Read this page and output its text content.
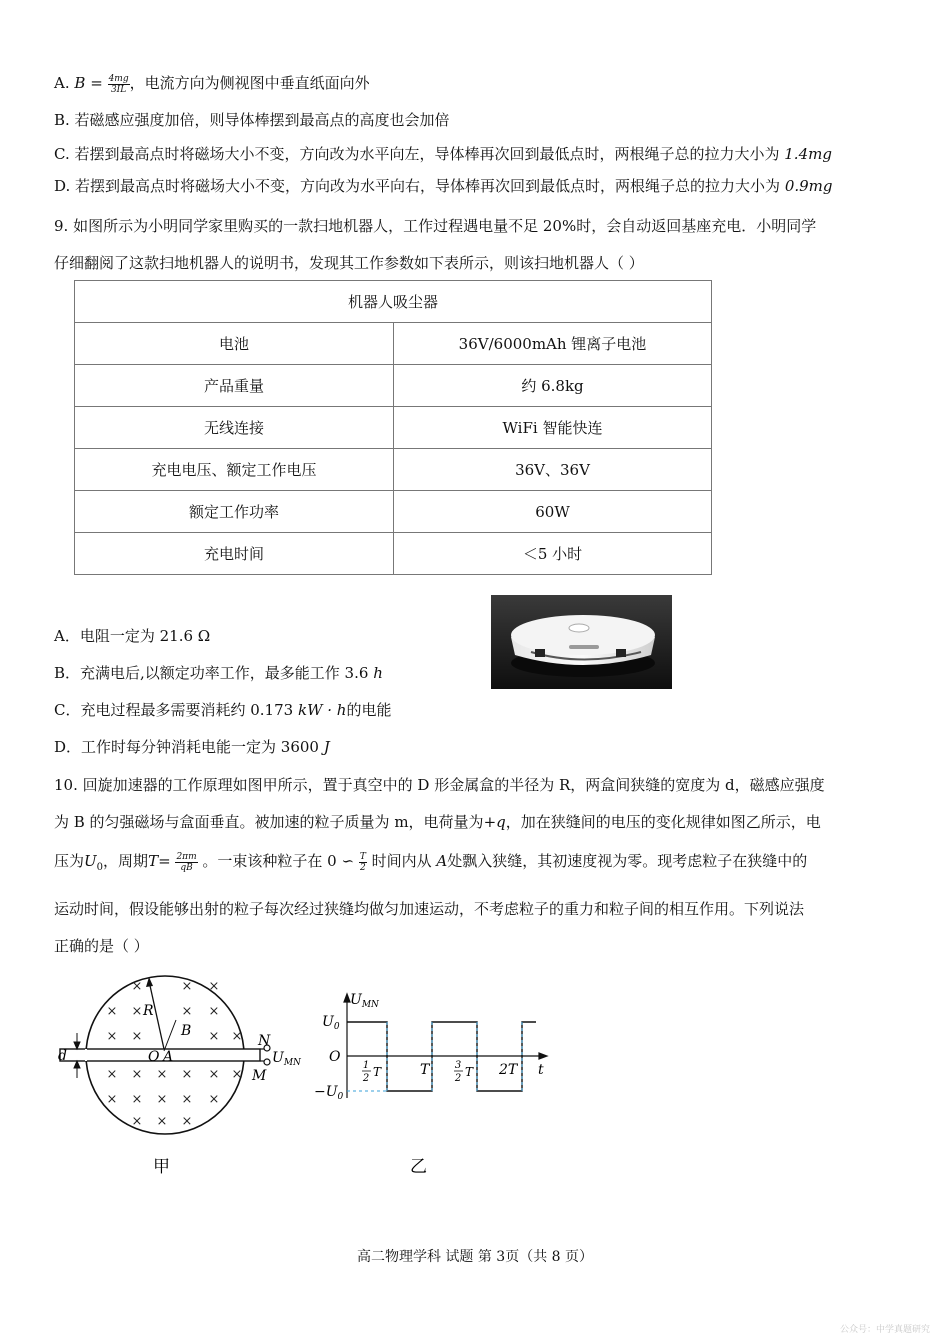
A. $B = \frac{4mg}{3IL}$ ，电流方向为侧视图中垂直纸面向外
B. 若磁感应强度加倍，则导体棒摆到最高点的高度也会加倍
C. 若摆到最高点时将磁场大小不变，方向改为水平向左，导体棒再次回到最低点时，两根绳子总的拉力大小为 1.4mg
D. 若摆到最高点时将磁场大小不变，方向改为水平向右，导体棒再次回到最低点时，两根绳子总的拉力大小为 0.9mg
9. 如图所示为小明同学家里购买的一款扫地机器人，工作过程遇电量不足 20%时，会自动返回基座充电．小明同学
仔细翻阅了这款扫地机器人的说明书，发现其工作参数如下表所示，则该扫地机器人（ ）
机器人吸尘器	
电池	36V/6000mAh 锂离子电池
产品重量	约 6.8kg
无线连接	WiFi 智能快连
充电电压、额定工作电压	36V、36V
额定工作功率	60W
充电时间	＜5 小时
A．电阻一定为 21.6 Ω
B．充满电后,以额定功率工作，最多能工作 3.6 h
C．充电过程最多需要消耗约 0.173 kW · h的电能
D．工作时每分钟消耗电能一定为 3600 J
10. 回旋加速器的工作原理如图甲所示，置于真空中的 D 形金属盒的半径为 R，两盒间狭缝的宽度为 d，磁感应强度
为 B 的匀强磁场与盒面垂直。被加速的粒子质量为 m，电荷量为+q，加在狭缝间的电压的变化规律如图乙所示，电
压为$U_0$，周期$T= \frac{2\pi m}{qB}$ 。一束该种粒子在 0 ∽ $\frac{T}{2}$ 时间内从 A处飘入狭缝，其初速度视为零。现考虑粒子在狭缝中的
运动时间，假设能够出射的粒子每次经过狭缝均做匀加速运动，不考虑粒子的重力和粒子间的相互作用。下列说法
正确的是（ ）
×	× ×
× ×	× ×
× ×	× ×
× × × × × ×
× × × × ×
× × ×
R
B
O A
d
N
M
$U_{MN}$
甲
$U_{MN}$
t
O
$U_0$
$-U_0$
1
2 T	T	3
2 T 2T
乙
高二物理学科 试题 第 3页（共 8 页）
公众号：中学真题研究
